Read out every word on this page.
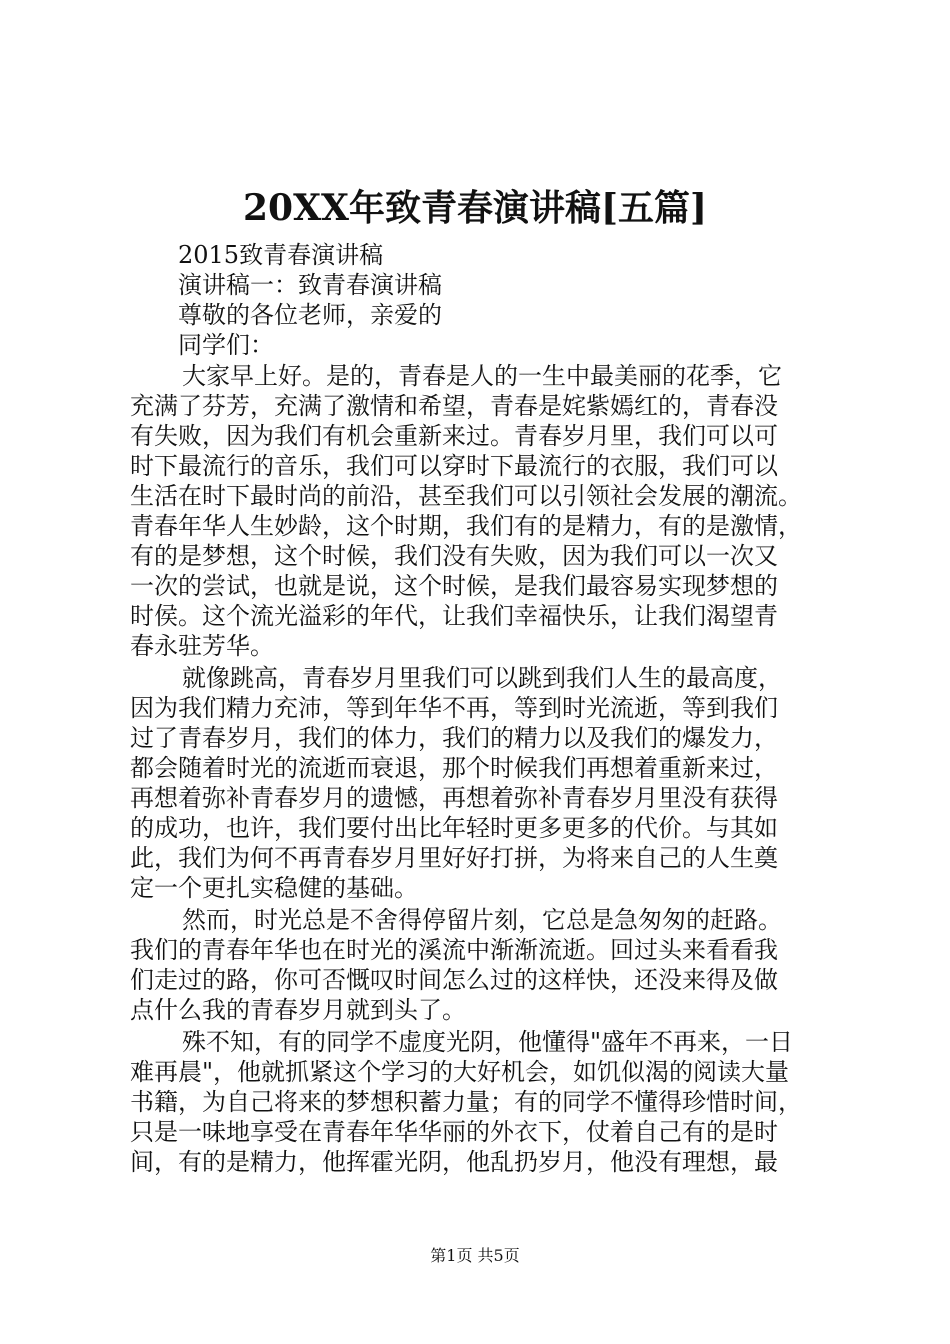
20XX年致青春演讲稿[五篇]
2015致青春演讲稿
演讲稿一：致青春演讲稿
尊敬的各位老师，亲爱的
同学们：
大家早上好。是的，青春是人的一生中最美丽的花季，它
充满了芬芳，充满了激情和希望，青春是姹紫嫣红的，青春没
有失败，因为我们有机会重新来过。青春岁月里，我们可以可
时下最流行的音乐，我们可以穿时下最流行的衣服，我们可以
生活在时下最时尚的前沿，甚至我们可以引领社会发展的潮流。
青春年华人生妙龄，这个时期，我们有的是精力，有的是激情，
有的是梦想，这个时候，我们没有失败，因为我们可以一次又
一次的尝试，也就是说，这个时候，是我们最容易实现梦想的
时侯。这个流光溢彩的年代，让我们幸福快乐，让我们渴望青
春永驻芳华。
就像跳高，青春岁月里我们可以跳到我们人生的最高度，
因为我们精力充沛，等到年华不再，等到时光流逝，等到我们
过了青春岁月，我们的体力，我们的精力以及我们的爆发力，
都会随着时光的流逝而衰退，那个时候我们再想着重新来过，
再想着弥补青春岁月的遗憾，再想着弥补青春岁月里没有获得
的成功，也许，我们要付出比年轻时更多更多的代价。与其如
此，我们为何不再青春岁月里好好打拼，为将来自己的人生奠
定一个更扎实稳健的基础。
然而，时光总是不舍得停留片刻，它总是急匆匆的赶路。
我们的青春年华也在时光的溪流中渐渐流逝。回过头来看看我
们走过的路，你可否慨叹时间怎么过的这样快，还没来得及做
点什么我的青春岁月就到头了。
殊不知，有的同学不虚度光阴，他懂得"盛年不再来，一日
难再晨"，他就抓紧这个学习的大好机会，如饥似渴的阅读大量
书籍，为自己将来的梦想积蓄力量；有的同学不懂得珍惜时间，
只是一味地享受在青春年华华丽的外衣下，仗着自己有的是时
间，有的是精力，他挥霍光阴，他乱扔岁月，他没有理想，最
第1页 共5页
